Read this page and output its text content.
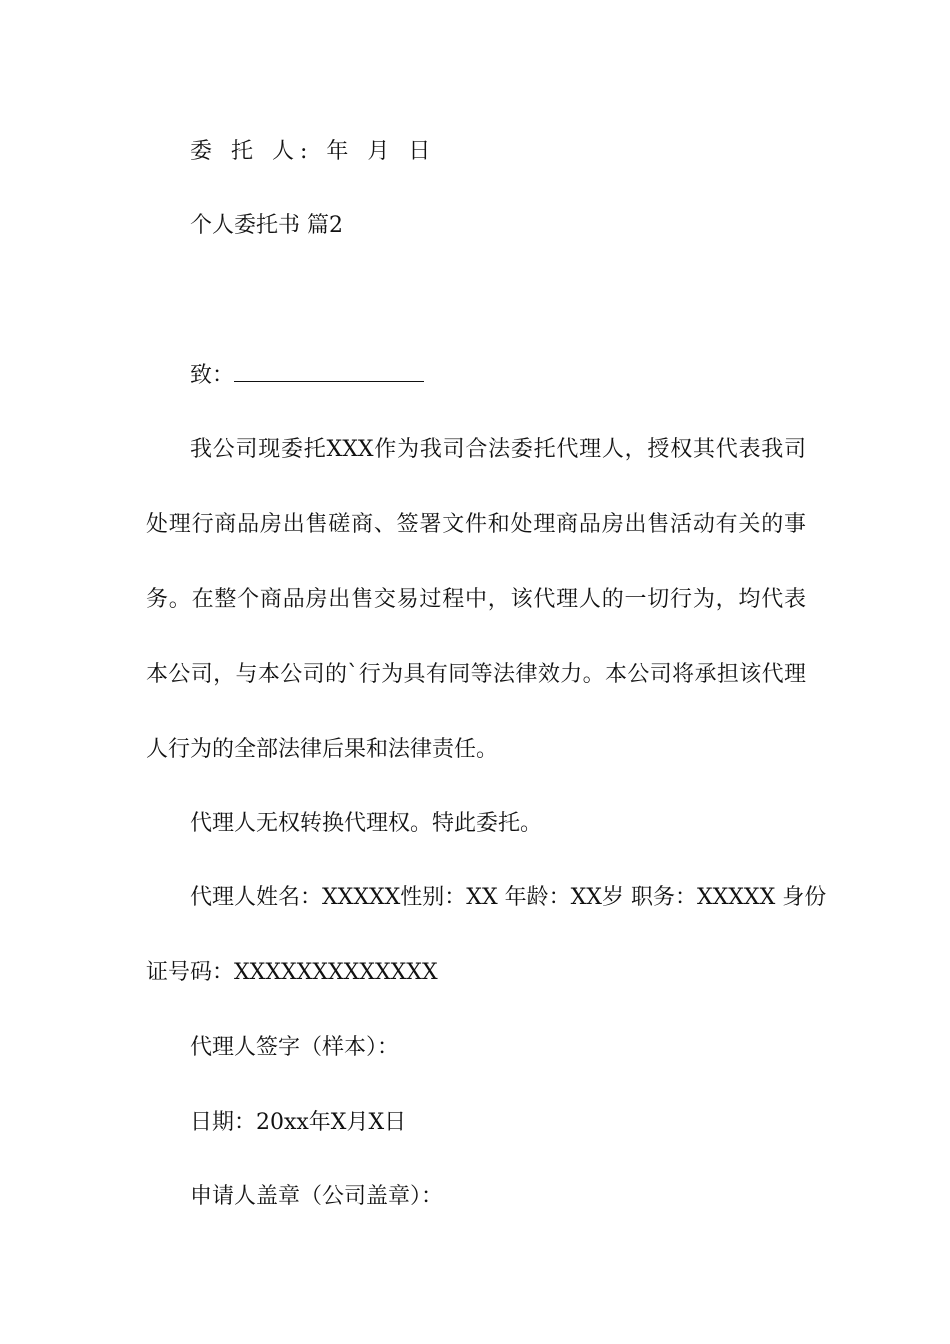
委 托 人: 年 月 日
个人委托书 篇2
致：
我公司现委托XXX作为我司合法委托代理人，授权其代表我司
处理行商品房出售磋商、签署文件和处理商品房出售活动有关的事
务。在整个商品房出售交易过程中，该代理人的一切行为，均代表
本公司，与本公司的`行为具有同等法律效力。本公司将承担该代理
人行为的全部法律后果和法律责任。
代理人无权转换代理权。特此委托。
代理人姓名：XXXXX性别：XX 年龄：XX岁 职务：XXXXX 身份
证号码：XXXXXXXXXXXXX
代理人签字（样本）：
日期：20xx年X月X日
申请人盖章（公司盖章）：
